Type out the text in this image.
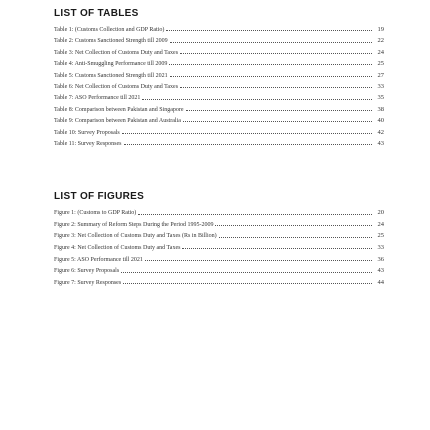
LIST OF TABLES
Table 1: (Customs Collection and GDP Ratio)	19
Table 2: Customs Sanctioned Strength till 2009	22
Table 3: Net Collection of Customs Duty and Taxes	24
Table 4: Anti-Smuggling Performance till 2009	25
Table 5: Customs Sanctioned Strength till 2021	27
Table 6: Net Collection of Customs Duty and Taxes	33
Table 7: ASO Performance till 2021	35
Table 8: Comparison between Pakistan and Singapore	38
Table 9: Comparison between Pakistan and Australia	40
Table 10: Survey Proposals	42
Table 11: Survey Responses	43
LIST OF FIGURES
Figure 1: (Customs to GDP Ratio)	20
Figure 2: Summary of Reform Steps During the Period 1995-2009	24
Figure 3: Net Collection of Customs Duty and Taxes (Rs in Billion)	25
Figure 4: Net Collection of Customs Duty and Taxes	33
Figure 5: ASO Performance till 2021	36
Figure 6: Survey Proposals	43
Figure 7: Survey Responses	44
